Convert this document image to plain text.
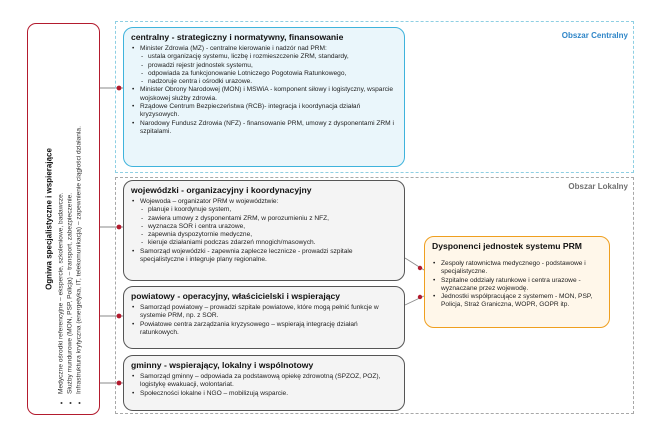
Obszar Centralny
Obszar Lokalny
Ogniwa specjalistyczne i wspierające • Medyczne ośrodki referencyjne – ekspercie, szkoleniowe, badawcze. • Służby mundurowe (MON, PSP, Policja) – transport, zabezpieczenie. • Infrastruktura krytyczna (energetyka, IT, telekomunikacja) – zapewnienie ciągłości działania.
centralny - strategiczny i normatywny, finansowanie
• Minister Zdrowia (MZ) - centralne kierowanie i nadzór nad PRM:
- ustala organizację systemu, liczbę i rozmieszczenie ZRM, standardy,
- prowadzi rejestr jednostek systemu,
- odpowiada za funkcjonowanie Lotniczego Pogotowia Ratunkowego,
- nadzoruje centra i ośrodki urazowe.
• Minister Obrony Narodowej (MON) i MSWiA - komponent siłowy i logistyczny, wsparcie wojskowej służby zdrowia.
• Rządowe Centrum Bezpieczeństwa (RCB)- integracja i koordynacja działań kryzysowych.
• Narodowy Fundusz Zdrowia (NFZ) - finansowanie PRM, umowy z dysponentami ZRM i szpitalami.
wojewódzki - organizacyjny i koordynacyjny
• Wojewoda – organizator PRM w województwie:
- planuje i koordynuje system,
- zawiera umowy z dysponentami ZRM, w porozumieniu z NFZ,
- wyznacza SOR i centra urazowe,
- zapewnia dyspozytornie medyczne,
- kieruje działaniami podczas zdarzeń mnogich/masowych.
• Samorząd wojewódzki - zapewnia zaplecze lecznicze - prowadzi szpitale specjalistyczne i integruje plany regionalne.
powiatowy - operacyjny, właścicielski i wspierający
• Samorząd powiatowy – prowadzi szpitale powiatowe, które mogą pełnić funkcje w systemie PRM, np. z SOR.
• Powiatowe centra zarządzania kryzysowego – wspierają integrację działań ratunkowych.
gminny - wspierający, lokalny i wspólnotowy
• Samorząd gminny – odpowiada za podstawową opiekę zdrowotną (SPZOZ, POZ), logistykę ewakuacji, wolontariat.
• Społeczności lokalne i NGO – mobilizują wsparcie.
Dysponenci jednostek systemu PRM
• Zespoły ratownictwa medycznego - podstawowe i specjalistyczne.
• Szpitalne oddziały ratunkowe i centra urazowe - wyznaczane przez wojewodę.
• Jednostki współpracujące z systemem - MON, PSP, Policja, Straż Graniczna, WOPR, GOPR itp.
